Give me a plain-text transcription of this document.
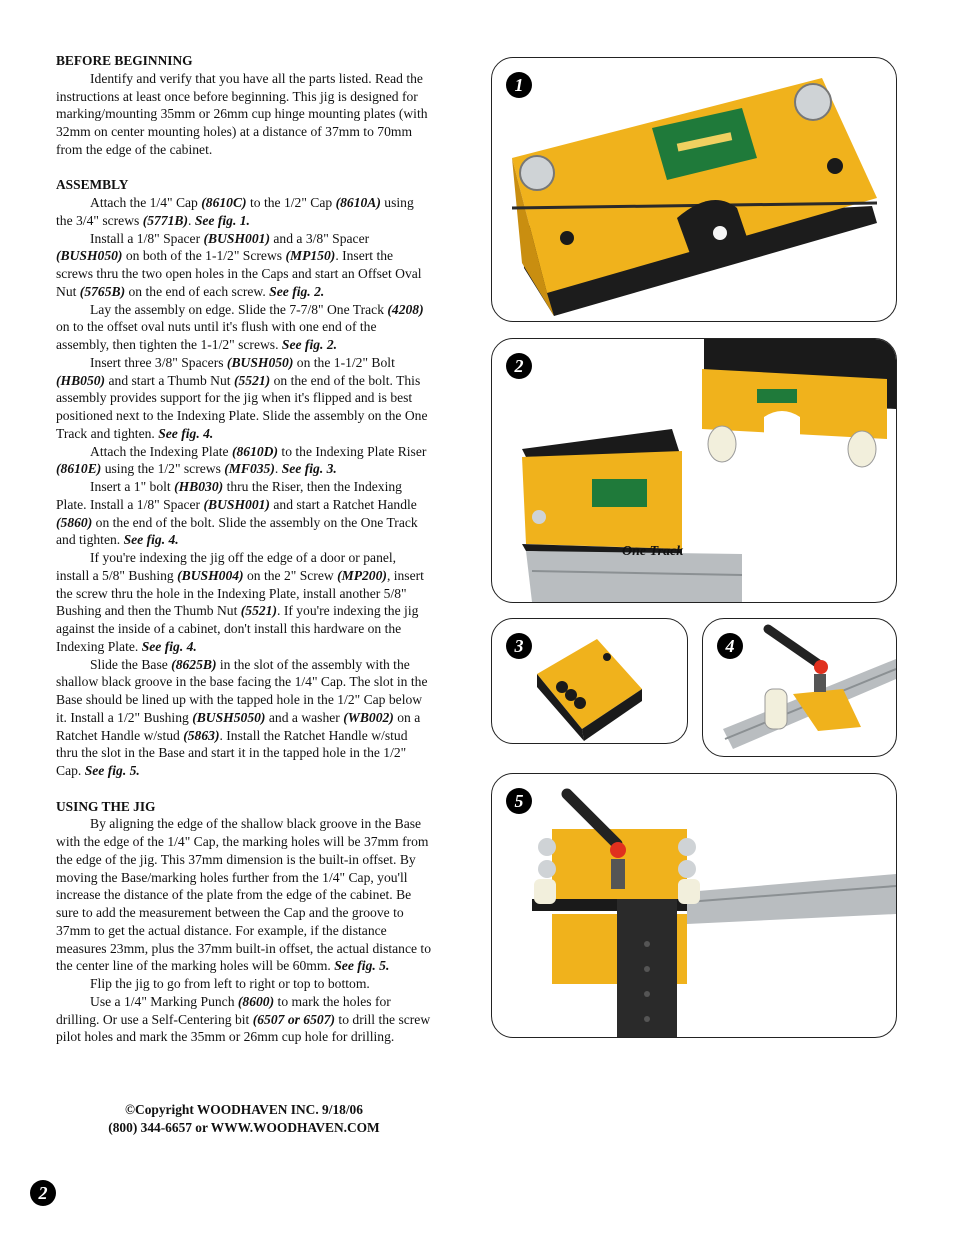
BEFORE BEGINNING

Identify and verify that you have all the parts listed. Read the instructions at least once before beginning. This jig is designed for marking/mounting 35mm or 26mm cup hinge mounting plates (with 32mm on center mounting holes) at a distance of 37mm to 70mm from the edge of the cabinet.

ASSEMBLY

Attach the 1/4" Cap (8610C) to the 1/2" Cap (8610A) using the 3/4" screws (5771B). See fig. 1.

Install a 1/8" Spacer (BUSH001) and a 3/8" Spacer (BUSH050) on both of the 1-1/2" Screws (MP150). Insert the screws thru the two open holes in the Caps and start an Offset Oval Nut (5765B) on the end of each screw. See fig. 2.

Lay the assembly on edge. Slide the 7-7/8" One Track (4208) on to the offset oval nuts until it's flush with one end of the assembly, then tighten the 1-1/2" screws. See fig. 2.

Insert three 3/8" Spacers (BUSH050) on the 1-1/2" Bolt (HB050) and start a Thumb Nut (5521) on the end of the bolt. This assembly provides support for the jig when it's flipped and is best positioned next to the Indexing Plate. Slide the assembly on the One Track and tighten. See fig. 4.

Attach the Indexing Plate (8610D) to the Indexing Plate Riser (8610E) using the 1/2" screws (MF035). See fig. 3.

Insert a 1" bolt (HB030) thru the Riser, then the Indexing Plate. Install a 1/8" Spacer (BUSH001) and start a Ratchet Handle (5860) on the end of the bolt. Slide the assembly on the One Track and tighten. See fig. 4.

If you're indexing the jig off the edge of a door or panel, install a 5/8" Bushing (BUSH004) on the 2" Screw (MP200), insert the screw thru the hole in the Indexing Plate, install another 5/8" Bushing and then the Thumb Nut (5521). If you're indexing the jig against the inside of a cabinet, don't install this hardware on the Indexing Plate. See fig. 4.

Slide the Base (8625B) in the slot of the assembly with the shallow black groove in the base facing the 1/4" Cap. The slot in the Base should be lined up with the tapped hole in the 1/2" Cap below it. Install a 1/2" Bushing (BUSH5050) and a washer (WB002) on a Ratchet Handle w/stud (5863). Install the Ratchet Handle w/stud thru the slot in the Base and start it in the tapped hole in the 1/2" Cap. See fig. 5.

USING THE JIG

By aligning the edge of the shallow black groove in the Base with the edge of the 1/4" Cap, the marking holes will be 37mm from the edge of the jig. This 37mm dimension is the built-in offset. By moving the Base/marking holes further from the 1/4" Cap, you'll increase the distance of the plate from the edge of the cabinet. Be sure to add the measurement between the Cap and the groove to 37mm to get the actual distance. For example, if the distance measures 23mm, plus the 37mm built-in offset, the actual distance to the center line of the marking holes will be 60mm. See fig. 5.

Flip the jig to go from left to right or top to bottom.

Use a 1/4" Marking Punch (8600) to mark the holes for drilling. Or use a Self-Centering bit (6507 or 6507) to drill the screw pilot holes and mark the 35mm or 26mm cup hole for drilling.

©Copyright WOODHAVEN INC. 9/18/06
(800) 344-6657 or WWW.WOODHAVEN.COM
2
1
2
One Track
3	4
5
